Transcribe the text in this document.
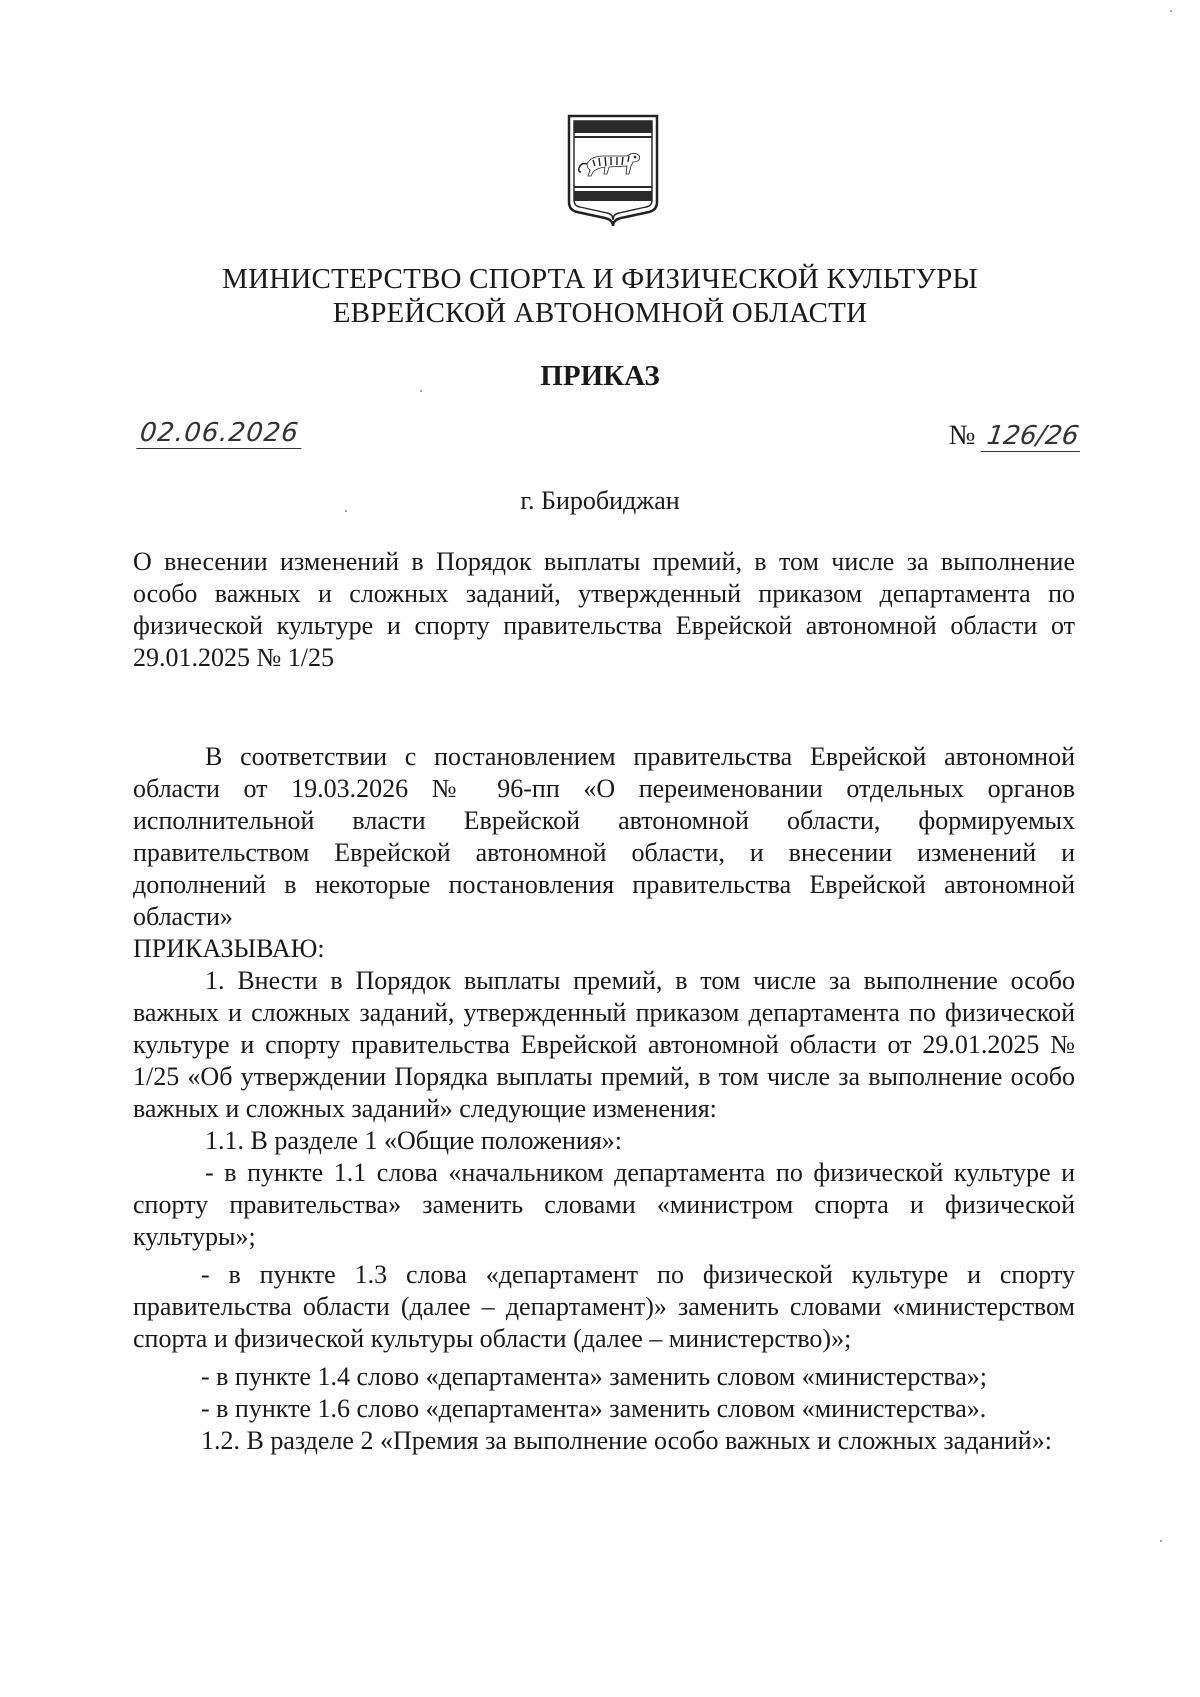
МИНИСТЕРСТВО СПОРТА И ФИЗИЧЕСКОЙ КУЛЬТУРЫ
ЕВРЕЙСКОЙ АВТОНОМНОЙ ОБЛАСТИ
ПРИКАЗ
02.06.2026	№ 126/26
г. Биробиджан
О внесении изменений в Порядок выплаты премий, в том числе за выполнение особо важных и сложных заданий, утвержденный приказом департамента по физической культуре и спорту правительства Еврейской автономной области от 29.01.2025 № 1/25

В соответствии с постановлением правительства Еврейской автономной области от 19.03.2026 № 96-пп «О переименовании отдельных органов исполнительной власти Еврейской автономной области, формируемых правительством Еврейской автономной области, и внесении изменений и дополнений в некоторые постановления правительства Еврейской автономной области»

ПРИКАЗЫВАЮ:

1. Внести в Порядок выплаты премий, в том числе за выполнение особо важных и сложных заданий, утвержденный приказом департамента по физической культуре и спорту правительства Еврейской автономной области от 29.01.2025 № 1/25 «Об утверждении Порядка выплаты премий, в том числе за выполнение особо важных и сложных заданий» следующие изменения:

1.1. В разделе 1 «Общие положения»:

- в пункте 1.1 слова «начальником департамента по физической культуре и спорту правительства» заменить словами «министром спорта и физической культуры»;

- в пункте 1.3 слова «департамент по физической культуре и спорту правительства области (далее – департамент)» заменить словами «министерством спорта и физической культуры области (далее – министерство)»;

- в пункте 1.4 слово «департамента» заменить словом «министерства»;

- в пункте 1.6 слово «департамента» заменить словом «министерства».

1.2. В разделе 2 «Премия за выполнение особо важных и сложных заданий»:
